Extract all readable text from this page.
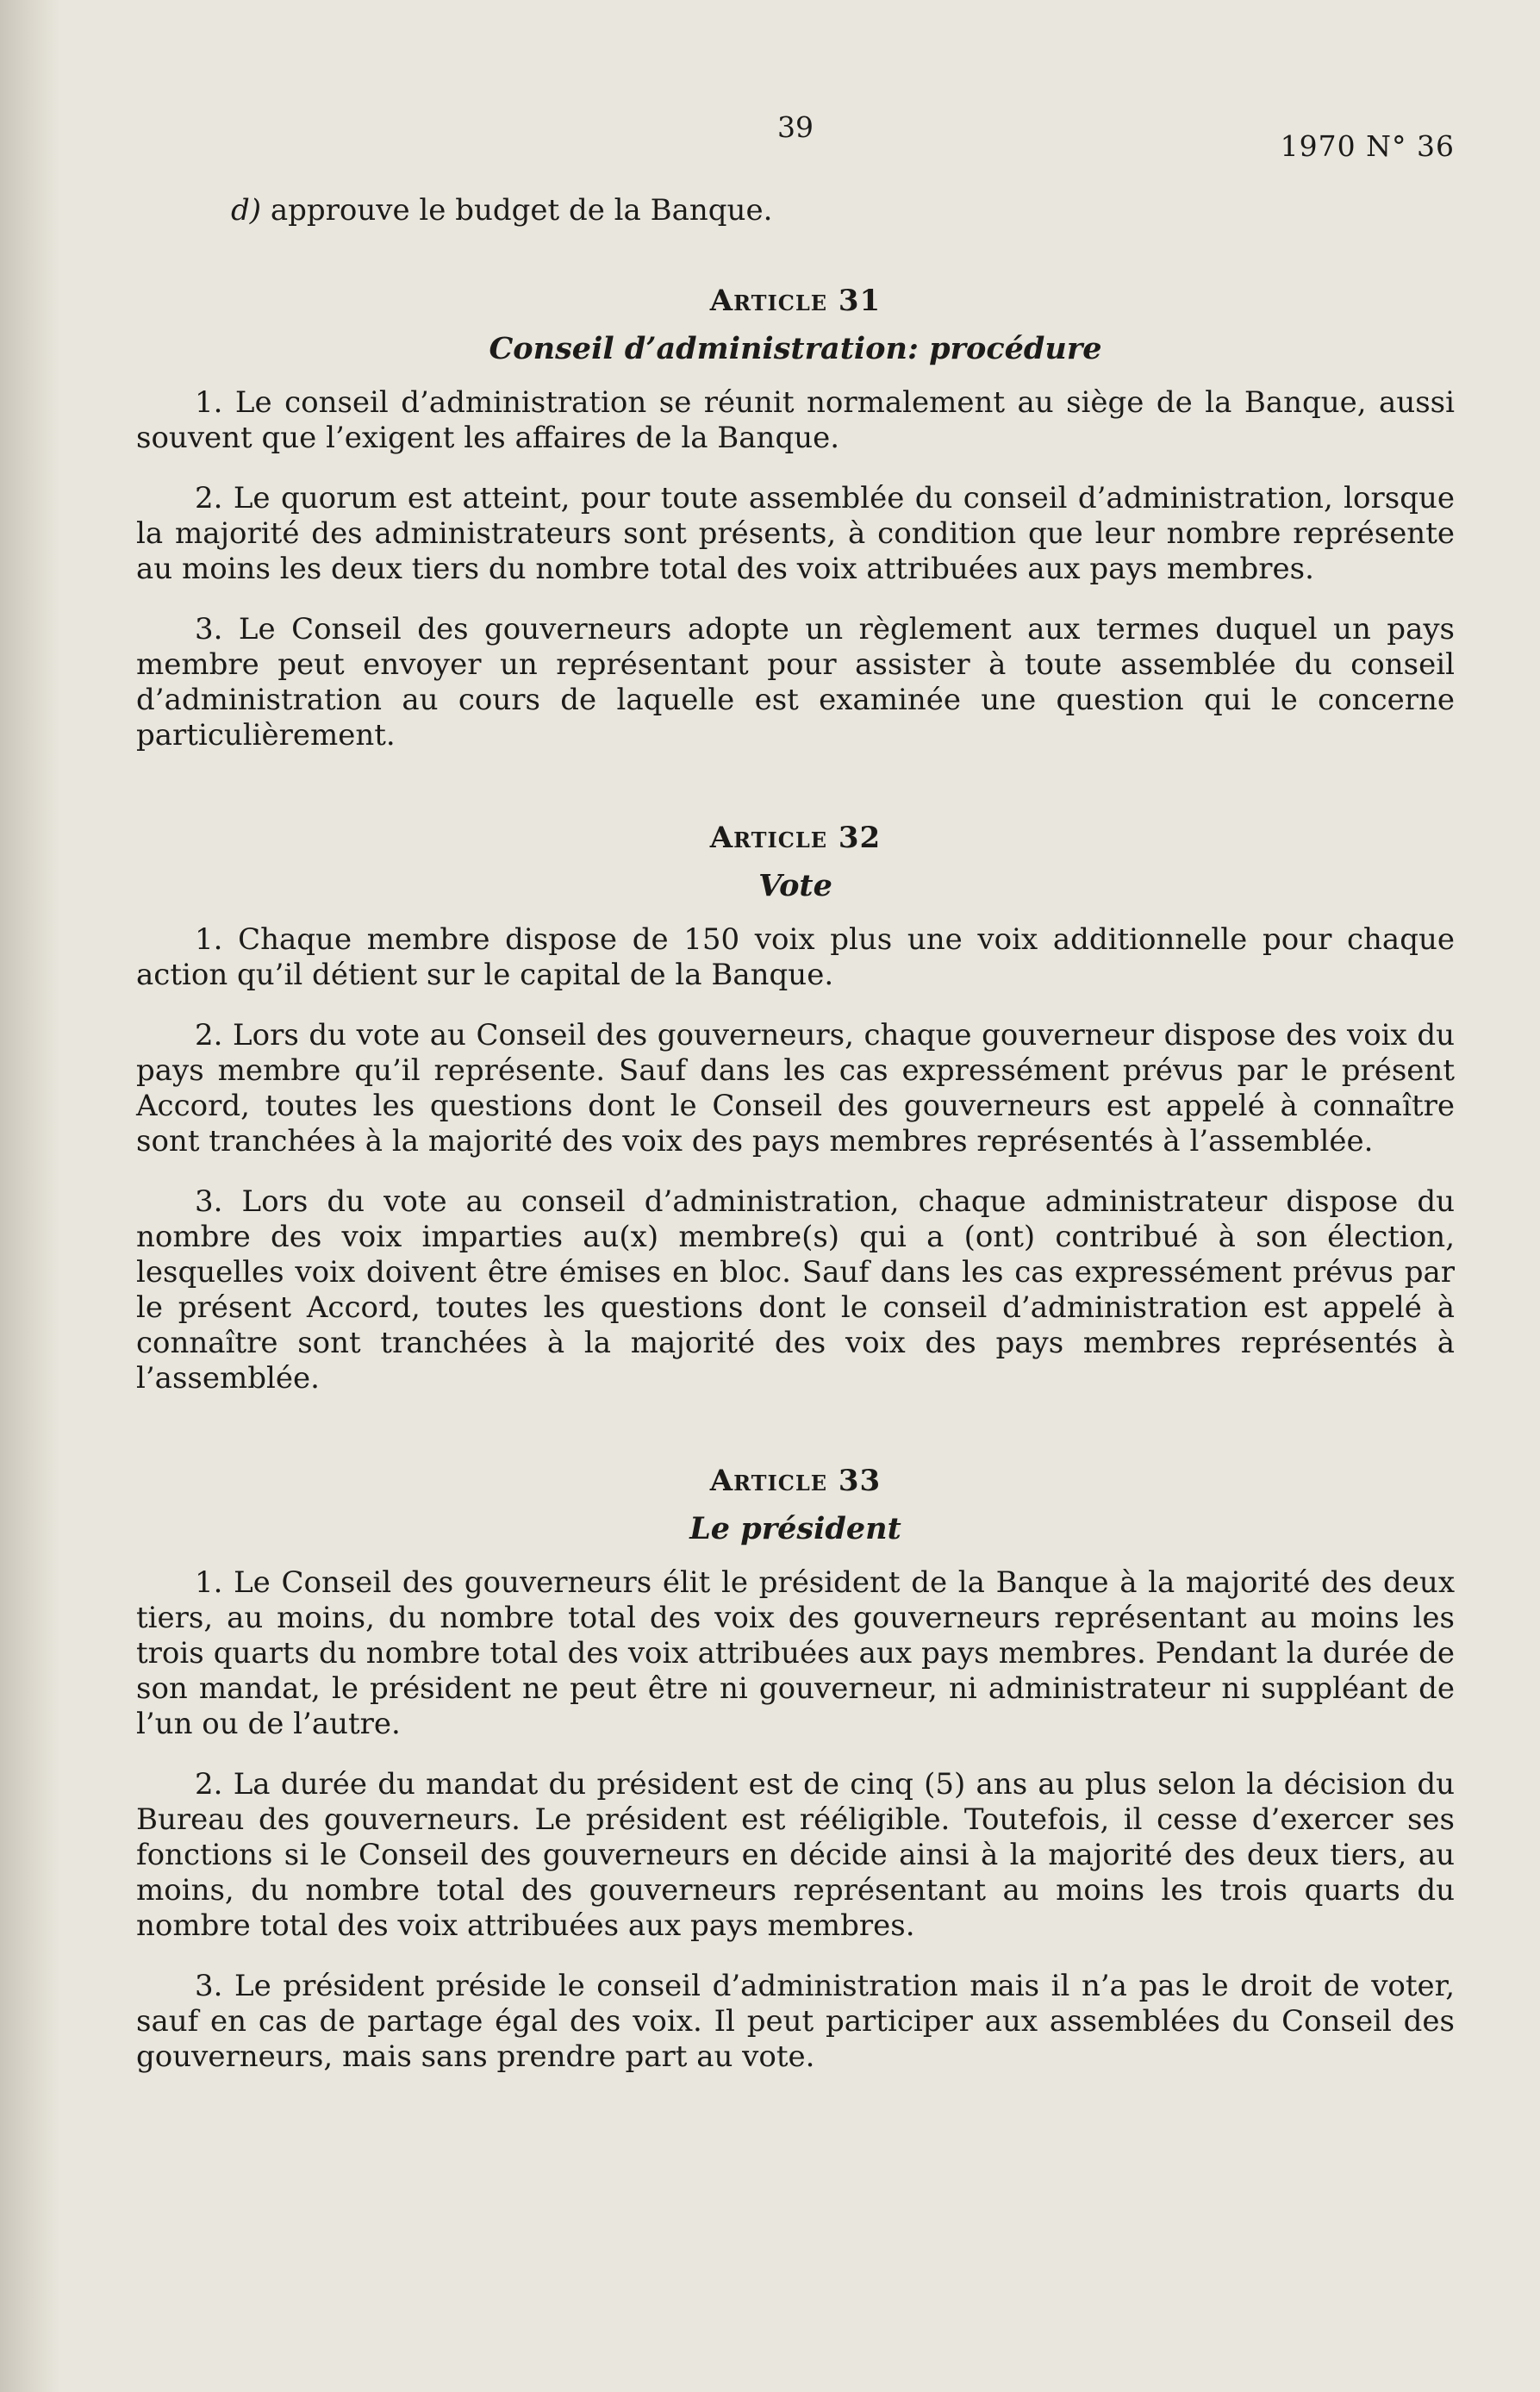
39
1970 N° 36

d) approuve le budget de la Banque.

Article 31
Conseil d’administration: procédure

1. Le conseil d’administration se réunit normalement au siège de la Banque, aussi souvent que l’exigent les affaires de la Banque.

2. Le quorum est atteint, pour toute assemblée du conseil d’administration, lorsque la majorité des administrateurs sont présents, à condition que leur nombre représente au moins les deux tiers du nombre total des voix attribuées aux pays membres.

3. Le Conseil des gouverneurs adopte un règlement aux termes duquel un pays membre peut envoyer un représentant pour assister à toute assemblée du conseil d’administration au cours de laquelle est examinée une question qui le concerne particulièrement.

Article 32
Vote

1. Chaque membre dispose de 150 voix plus une voix additionnelle pour chaque action qu’il détient sur le capital de la Banque.

2. Lors du vote au Conseil des gouverneurs, chaque gouverneur dispose des voix du pays membre qu’il représente. Sauf dans les cas expressément prévus par le présent Accord, toutes les questions dont le Conseil des gouverneurs est appelé à connaître sont tranchées à la majorité des voix des pays membres représentés à l’assemblée.

3. Lors du vote au conseil d’administration, chaque administrateur dispose du nombre des voix imparties au(x) membre(s) qui a (ont) contribué à son élection, lesquelles voix doivent être émises en bloc. Sauf dans les cas expressément prévus par le présent Accord, toutes les questions dont le conseil d’administration est appelé à connaître sont tranchées à la majorité des voix des pays membres représentés à l’assemblée.

Article 33
Le président

1. Le Conseil des gouverneurs élit le président de la Banque à la majorité des deux tiers, au moins, du nombre total des voix des gouverneurs représentant au moins les trois quarts du nombre total des voix attribuées aux pays membres. Pendant la durée de son mandat, le président ne peut être ni gouverneur, ni administrateur ni suppléant de l’un ou de l’autre.

2. La durée du mandat du président est de cinq (5) ans au plus selon la décision du Bureau des gouverneurs. Le président est rééligible. Toutefois, il cesse d’exercer ses fonctions si le Conseil des gouverneurs en décide ainsi à la majorité des deux tiers, au moins, du nombre total des gouverneurs représentant au moins les trois quarts du nombre total des voix attribuées aux pays membres.

3. Le président préside le conseil d’administration mais il n’a pas le droit de voter, sauf en cas de partage égal des voix. Il peut participer aux assemblées du Conseil des gouverneurs, mais sans prendre part au vote.
